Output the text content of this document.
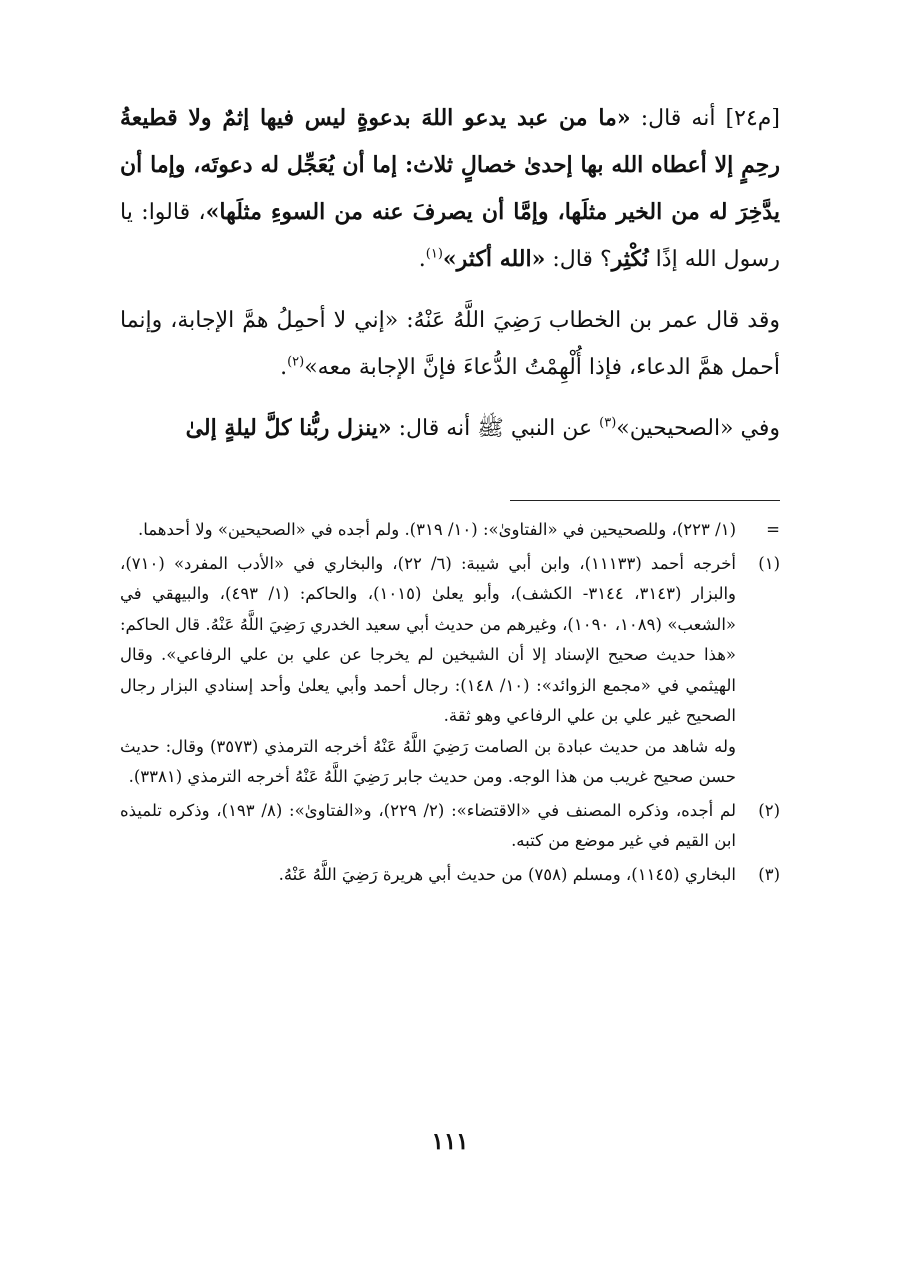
[م٢٤] أنه قال: «ما من عبد يدعو اللهَ بدعوةٍ ليس فيها إثمٌ ولا قطيعةُ رحِمٍ إلا أعطاه الله بها إحدىٰ خصالٍ ثلاث: إما أن يُعَجِّل له دعوتَه، وإما أن يدَّخِرَ له من الخير مثلَها، وإمَّا أن يصرفَ عنه من السوءِ مثلَها»، قالوا: يا رسول الله إذًا نُكْثِر؟ قال: «الله أكثر»$^{(١)}$.

وقد قال عمر بن الخطاب رَضِيَ اللَّهُ عَنْهُ: «إني لا أحمِلُ همَّ الإجابة، وإنما أحمل همَّ الدعاء، فإذا أُلْهِمْتُ الدُّعاءَ فإنَّ الإجابة معه»$^{(٢)}$.

وفي «الصحيحين»$^{(٣)}$ عن النبي ﷺ أنه قال: «ينزل ربُّنا كلَّ ليلةٍ إلىٰ

=

(١/ ٢٢٣)، وللصحيحين في «الفتاوىٰ»: (١٠/ ٣١٩). ولم أجده في «الصحيحين» ولا أحدهما.

(١)

أخرجه أحمد (١١١٣٣)، وابن أبي شيبة: (٦/ ٢٢)، والبخاري في «الأدب المفرد» (٧١٠)، والبزار (٣١٤٣، ٣١٤٤- الكشف)، وأبو يعلىٰ (١٠١٥)، والحاكم: (١/ ٤٩٣)، والبيهقي في «الشعب» (١٠٨٩، ١٠٩٠)، وغيرهم من حديث أبي سعيد الخدري رَضِيَ اللَّهُ عَنْهُ. قال الحاكم: «هذا حديث صحيح الإسناد إلا أن الشيخين لم يخرجا عن علي بن علي الرفاعي». وقال الهيثمي في «مجمع الزوائد»: (١٠/ ١٤٨): رجال أحمد وأبي يعلىٰ وأحد إسنادي البزار رجال الصحيح غير علي بن علي الرفاعي وهو ثقة.

وله شاهد من حديث عبادة بن الصامت رَضِيَ اللَّهُ عَنْهُ أخرجه الترمذي (٣٥٧٣) وقال: حديث حسن صحيح غريب من هذا الوجه. ومن حديث جابر رَضِيَ اللَّهُ عَنْهُ أخرجه الترمذي (٣٣٨١).

(٢)

لم أجده، وذكره المصنف في «الاقتضاء»: (٢/ ٢٢٩)، و«الفتاوىٰ»: (٨/ ١٩٣)، وذكره تلميذه ابن القيم في غير موضع من كتبه.

(٣)

البخاري (١١٤٥)، ومسلم (٧٥٨) من حديث أبي هريرة رَضِيَ اللَّهُ عَنْهُ.

١١١
